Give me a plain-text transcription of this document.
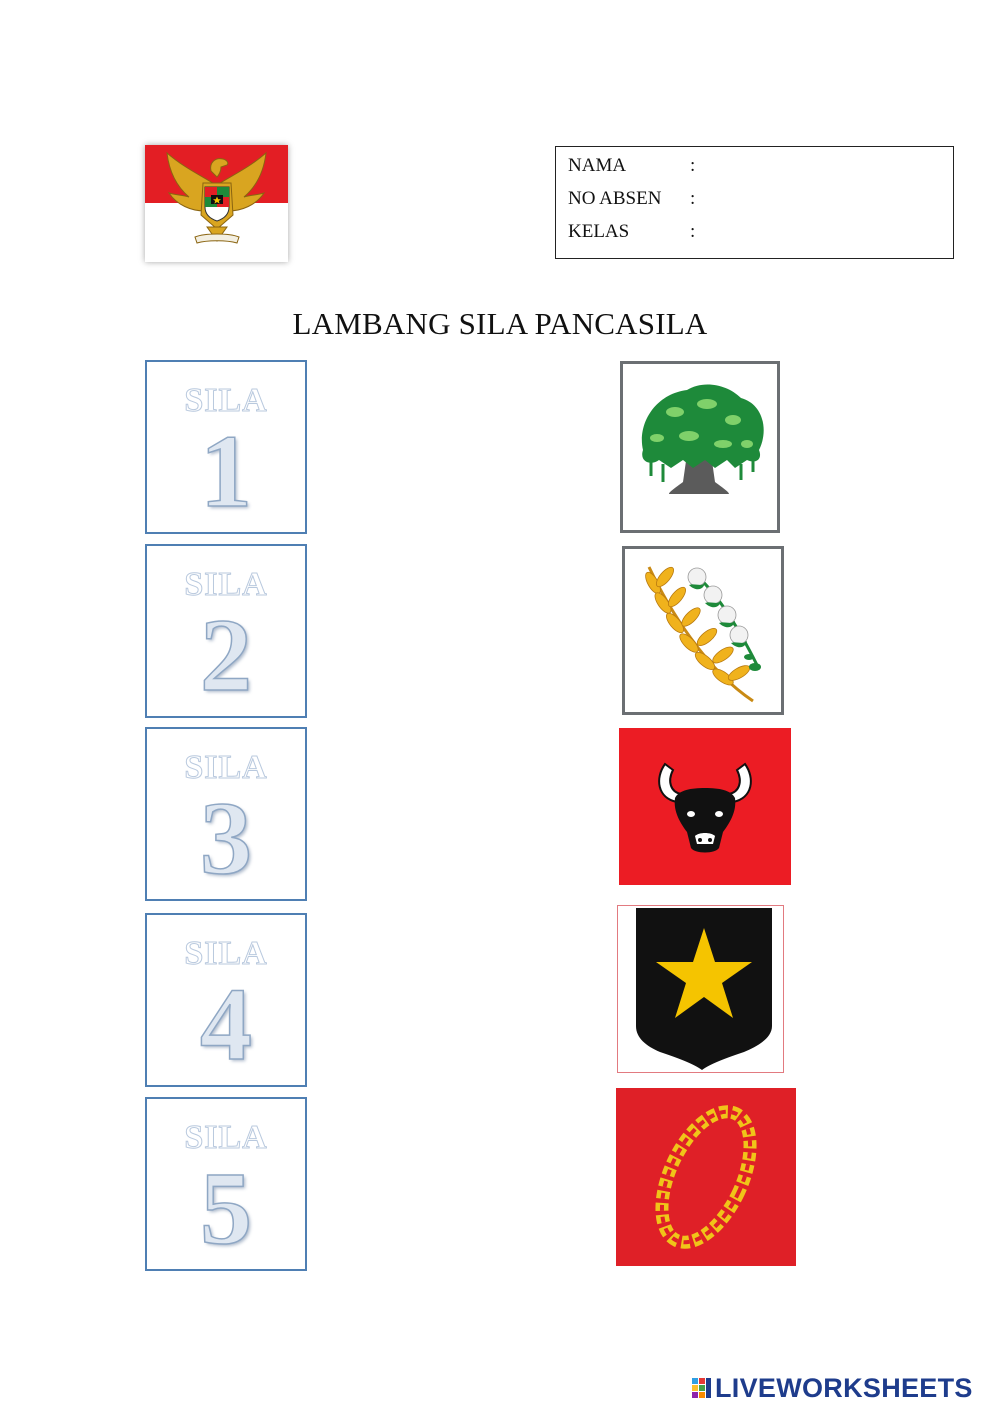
NAMA	:
NO ABSEN :
KELAS	:
LAMBANG SILA PANCASILA
SILA
1
SILA
2
SILA
3
SILA
4
SILA
5
LIVEWORKSHEETS
